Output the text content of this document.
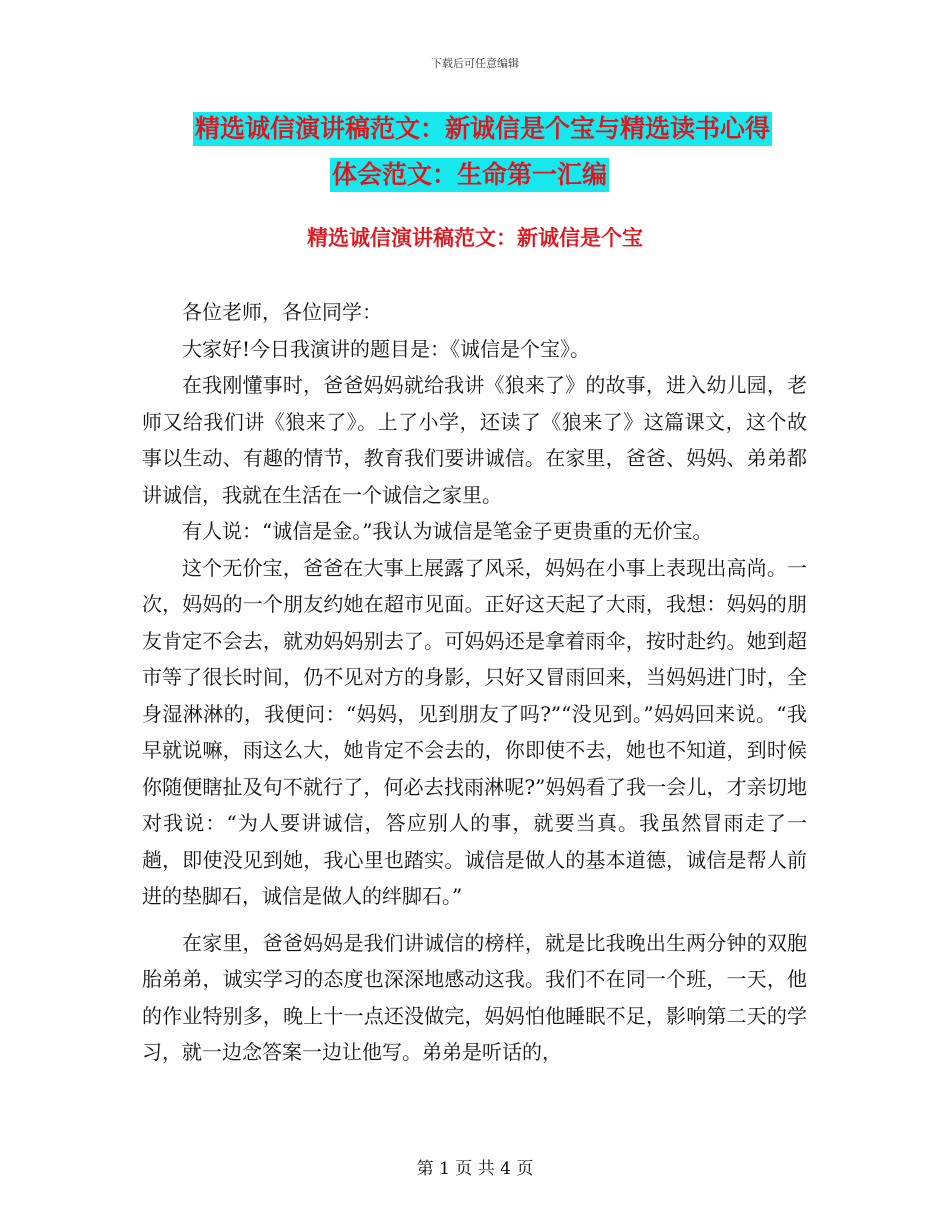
下载后可任意编辑
精选诚信演讲稿范文：新诚信是个宝与精选读书心得
体会范文：生命第一汇编
精选诚信演讲稿范文：新诚信是个宝

各位老师，各位同学：

大家好!今日我演讲的题目是：《诚信是个宝》。

在我刚懂事时，爸爸妈妈就给我讲《狼来了》的故事，进入幼儿园，老师又给我们讲《狼来了》。上了小学，还读了《狼来了》这篇课文，这个故事以生动、有趣的情节，教育我们要讲诚信。在家里，爸爸、妈妈、弟弟都讲诚信，我就在生活在一个诚信之家里。

有人说：“诚信是金。”我认为诚信是笔金子更贵重的无价宝。

这个无价宝，爸爸在大事上展露了风采，妈妈在小事上表现出高尚。一次，妈妈的一个朋友约她在超市见面。正好这天起了大雨，我想：妈妈的朋友肯定不会去，就劝妈妈别去了。可妈妈还是拿着雨伞，按时赴约。她到超市等了很长时间，仍不见对方的身影，只好又冒雨回来，当妈妈进门时，全身湿淋淋的，我便问：“妈妈，见到朋友了吗?”“没见到。”妈妈回来说。“我早就说嘛，雨这么大，她肯定不会去的，你即使不去，她也不知道，到时候你随便瞎扯及句不就行了，何必去找雨淋呢?”妈妈看了我一会儿，才亲切地对我说：“为人要讲诚信，答应别人的事，就要当真。我虽然冒雨走了一趟，即使没见到她，我心里也踏实。诚信是做人的基本道德，诚信是帮人前进的垫脚石，诚信是做人的绊脚石。”

在家里，爸爸妈妈是我们讲诚信的榜样，就是比我晚出生两分钟的双胞胎弟弟，诚实学习的态度也深深地感动这我。我们不在同一个班，一天，他的作业特别多，晚上十一点还没做完，妈妈怕他睡眠不足，影响第二天的学习，就一边念答案一边让他写。弟弟是听话的，

第 1 页 共 4 页
